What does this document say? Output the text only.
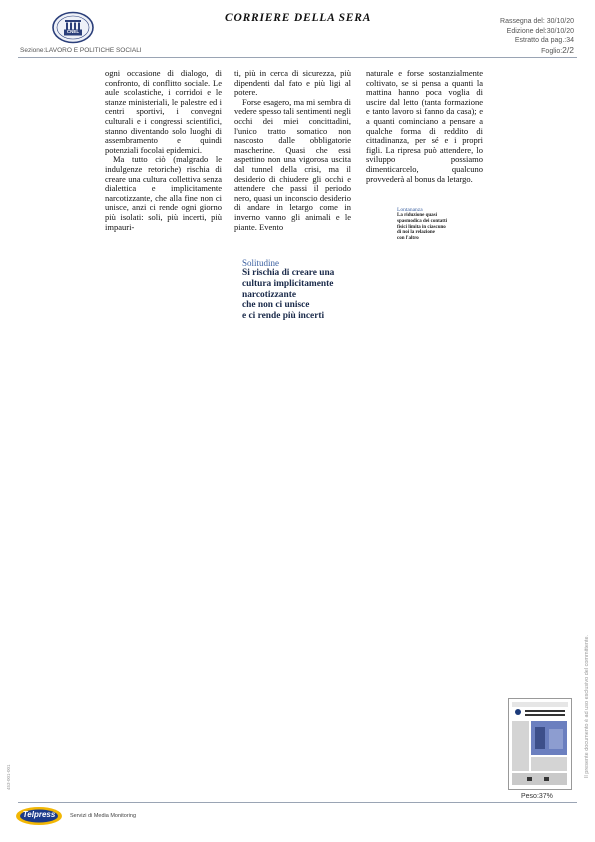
CNEL
CORRIERE DELLA SERA	Rassegna del: 30/10/20
Edizione del:30/10/20
Estratto da pag.:34
Foglio:2/2
Sezione:LAVORO E POLITICHE SOCIALI

ogni occasione di dialogo, di confronto, di conflitto sociale. Le aule scolastiche, i corridoi e le stanze ministeriali, le palestre ed i centri sportivi, i convegni culturali e i congressi scientifici, stanno diventando solo luoghi di assembramento e quindi potenziali focolai epidemici.

Ma tutto ciò (malgrado le indulgenze retoriche) rischia di creare una cultura collettiva senza dialettica e implicitamente narcotizzante, che alla fine non ci unisce, anzi ci rende ogni giorno più isolati: soli, più incerti, più impauri-

ti, più in cerca di sicurezza, più dipendenti dal fato e più ligi al potere.

Forse esagero, ma mi sembra di vedere spesso tali sentimenti negli occhi dei miei concittadini, l'unico tratto somatico non nascosto dalle obbligatorie mascherine. Quasi che essi aspettino non una vigorosa uscita dal tunnel della crisi, ma il desiderio di chiudere gli occhi e attendere che passi il periodo nero, quasi un inconscio desiderio di andare in letargo come in inverno vanno gli animali e le piante. Evento

naturale e forse sostanzialmente coltivato, se si pensa a quanti la mattina hanno poca voglia di uscire dal letto (tanta formazione e tanto lavoro si fanno da casa); e a quanti cominciano a pensare a qualche forma di reddito di cittadinanza, per sé e i propri figli. La ripresa può attendere, lo sviluppo possiamo dimenticarcelo, qualcuno provvederà al bonus da letargo.

Solitudine
Si rischia di creare una
cultura implicitamente
narcotizzante
che non ci unisce
e ci rende più incerti
Lontananza
La riduzione quasi
spasmodica dei contatti
fisici limita in ciascuno
di noi la relazione
con l'altro
Peso:37%
Il presente documento è ad uso esclusivo del committente.
453-001-001
Telpress	Servizi di Media Monitoring
